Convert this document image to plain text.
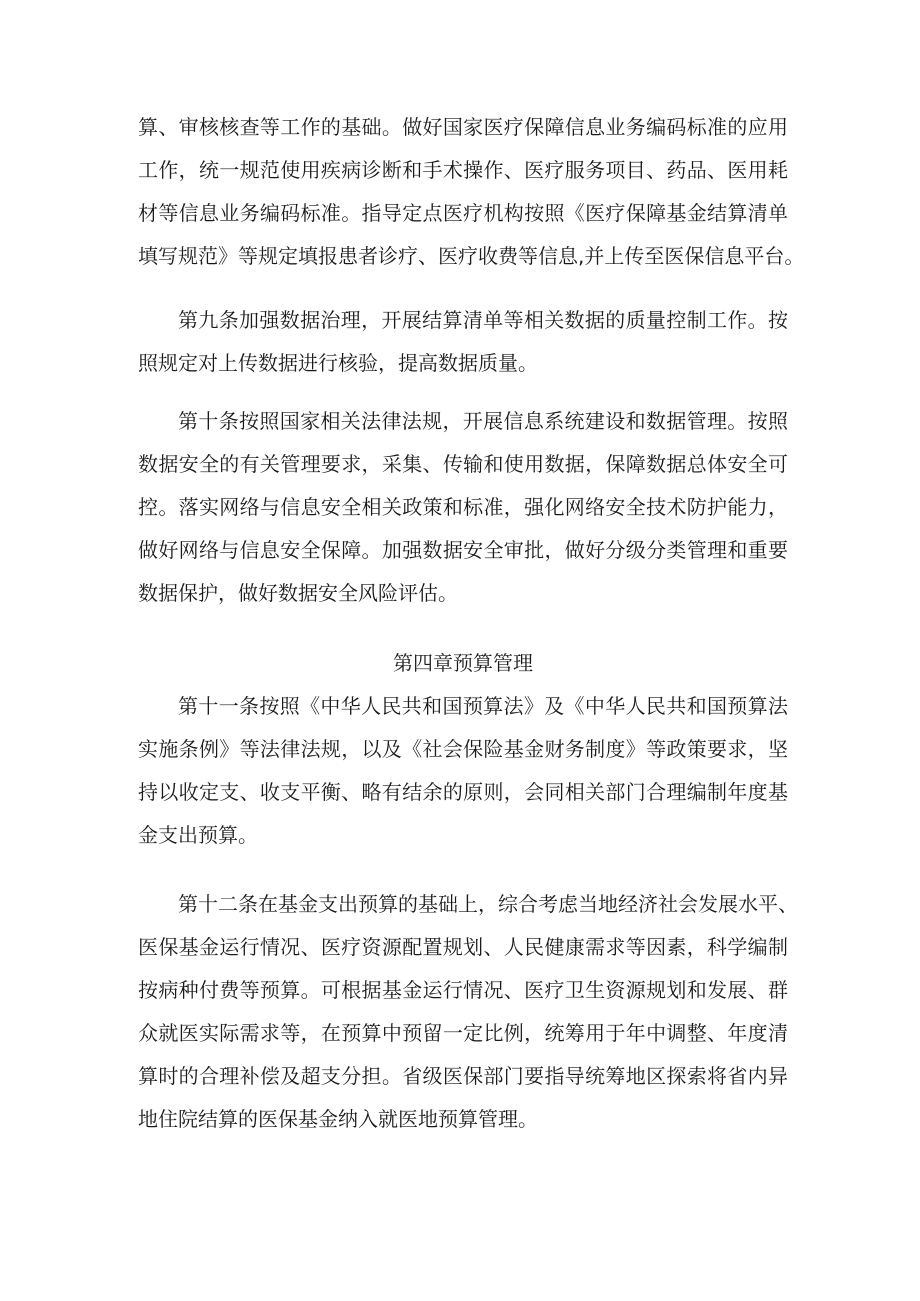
算、审核核查等工作的基础。做好国家医疗保障信息业务编码标准的应用
工作，统一规范使用疾病诊断和手术操作、医疗服务项目、药品、医用耗
材等信息业务编码标准。指导定点医疗机构按照《医疗保障基金结算清单
填写规范》等规定填报患者诊疗、医疗收费等信息,并上传至医保信息平台。
第九条加强数据治理，开展结算清单等相关数据的质量控制工作。按
照规定对上传数据进行核验，提高数据质量。
第十条按照国家相关法律法规，开展信息系统建设和数据管理。按照
数据安全的有关管理要求，采集、传输和使用数据，保障数据总体安全可
控。落实网络与信息安全相关政策和标准，强化网络安全技术防护能力，
做好网络与信息安全保障。加强数据安全审批，做好分级分类管理和重要
数据保护，做好数据安全风险评估。
第四章预算管理
第十一条按照《中华人民共和国预算法》及《中华人民共和国预算法
实施条例》等法律法规，以及《社会保险基金财务制度》等政策要求，坚
持以收定支、收支平衡、略有结余的原则，会同相关部门合理编制年度基
金支出预算。
第十二条在基金支出预算的基础上，综合考虑当地经济社会发展水平、
医保基金运行情况、医疗资源配置规划、人民健康需求等因素，科学编制
按病种付费等预算。可根据基金运行情况、医疗卫生资源规划和发展、群
众就医实际需求等，在预算中预留一定比例，统筹用于年中调整、年度清
算时的合理补偿及超支分担。省级医保部门要指导统筹地区探索将省内异
地住院结算的医保基金纳入就医地预算管理。
